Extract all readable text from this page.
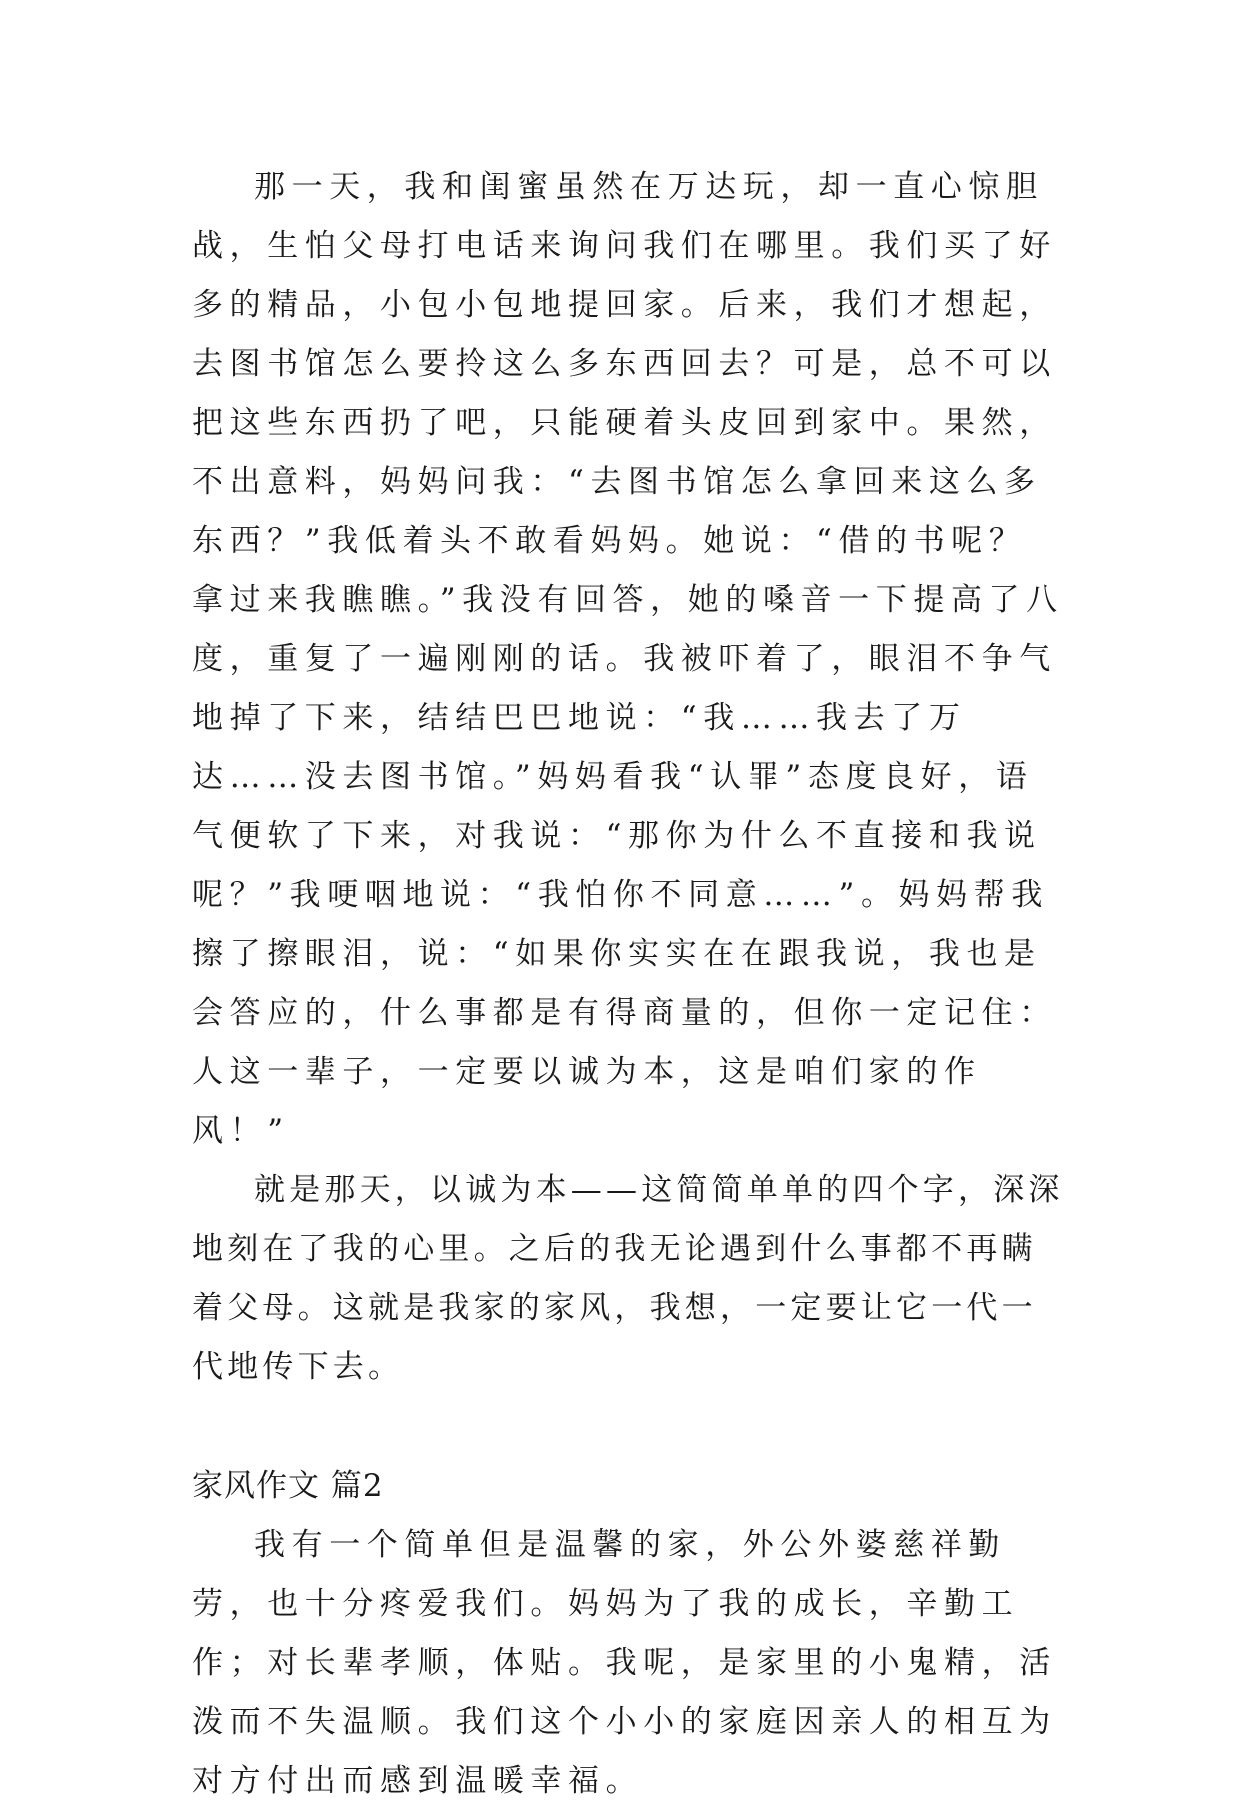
那一天，我和闺蜜虽然在万达玩，却一直心惊胆战，生怕父母打电话来询问我们在哪里。我们买了好多的精品，小包小包地提回家。后来，我们才想起，去图书馆怎么要拎这么多东西回去？可是，总不可以把这些东西扔了吧，只能硬着头皮回到家中。果然，不出意料，妈妈问我：“去图书馆怎么拿回来这么多东西？”我低着头不敢看妈妈。她说：“借的书呢？拿过来我瞧瞧。”我没有回答，她的嗓音一下提高了八度，重复了一遍刚刚的话。我被吓着了，眼泪不争气地掉了下来，结结巴巴地说：“我……我去了万达……没去图书馆。”妈妈看我“认罪”态度良好，语气便软了下来，对我说：“那你为什么不直接和我说呢？”我哽咽地说：“我怕你不同意……”。妈妈帮我擦了擦眼泪，说：“如果你实实在在跟我说，我也是会答应的，什么事都是有得商量的，但你一定记住：人这一辈子，一定要以诚为本，这是咱们家的作风！”

就是那天，以诚为本——这简简单单的四个字，深深地刻在了我的心里。之后的我无论遇到什么事都不再瞒着父母。这就是我家的家风，我想，一定要让它一代一代地传下去。

家风作文 篇2

我有一个简单但是温馨的家，外公外婆慈祥勤劳，也十分疼爱我们。妈妈为了我的成长，辛勤工作；对长辈孝顺，体贴。我呢，是家里的小鬼精，活泼而不失温顺。我们这个小小的家庭因亲人的相互为对方付出而感到温暖幸福。
